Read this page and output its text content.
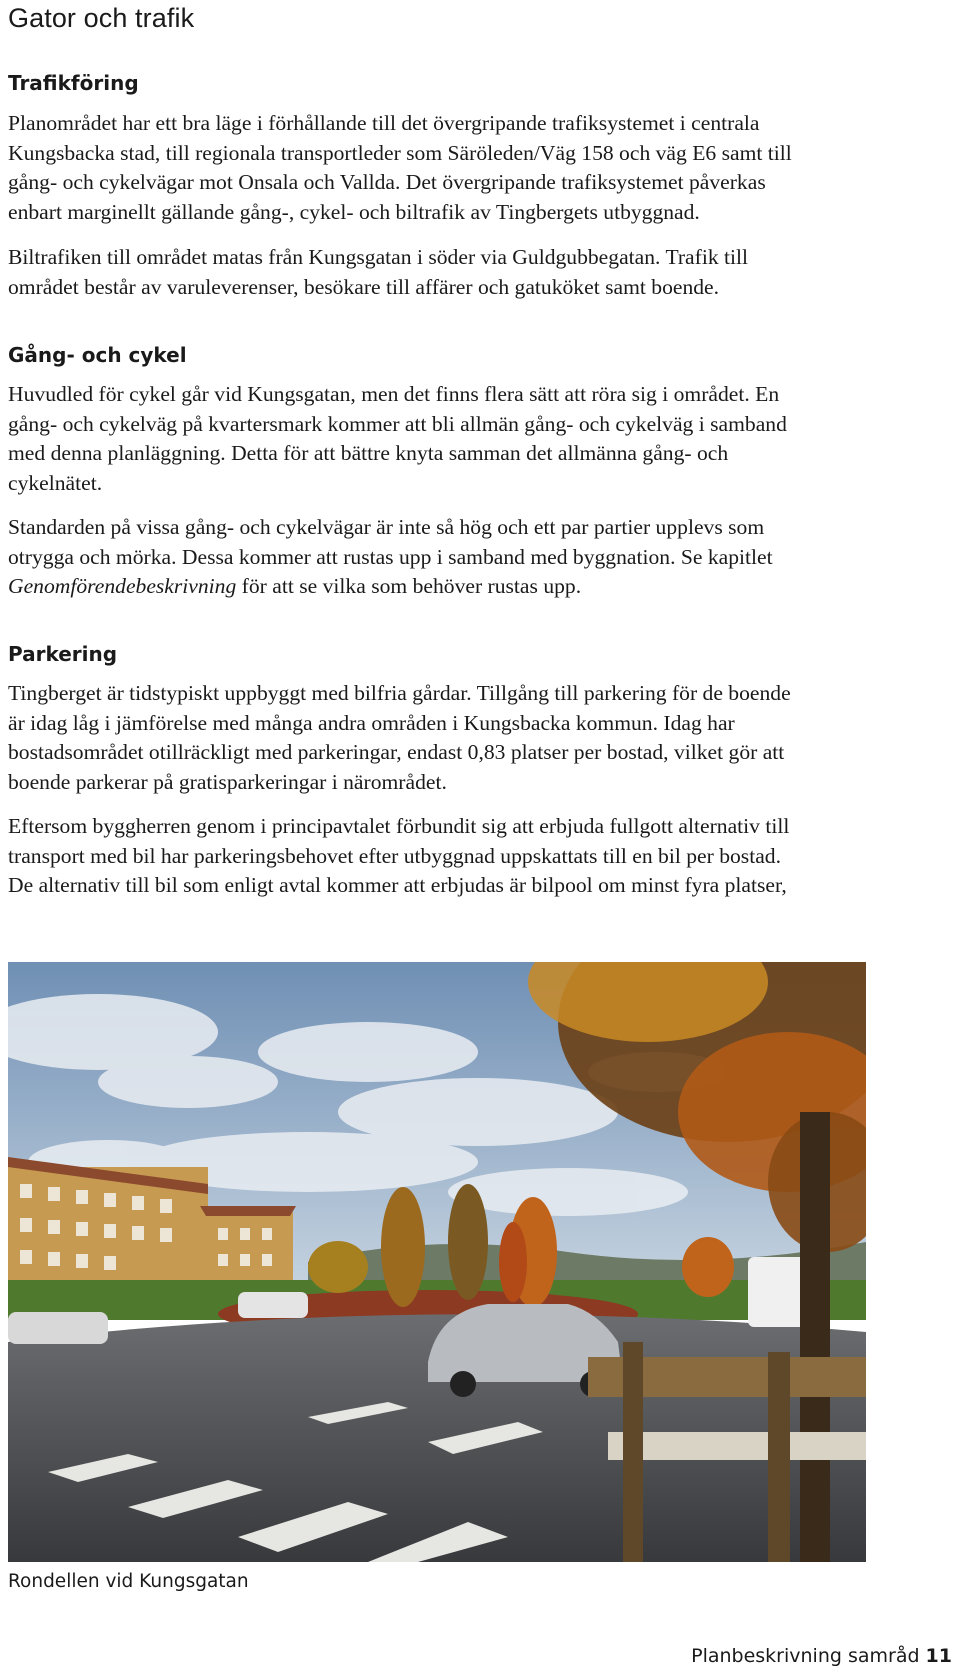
Gator och trafik
Trafikföring

Planområdet har ett bra läge i förhållande till det övergripande trafiksystemet i centrala
Kungsbacka stad, till regionala transportleder som Säröleden/Väg 158 och väg E6 samt till
gång- och cykelvägar mot Onsala och Vallda. Det övergripande trafiksystemet påverkas
enbart marginellt gällande gång-, cykel- och biltrafik av Tingbergets utbyggnad.

Biltrafiken till området matas från Kungsgatan i söder via Guldgubbegatan. Trafik till
området består av varuleverenser, besökare till affärer och gatuköket samt boende.

Gång- och cykel

Huvudled för cykel går vid Kungsgatan, men det finns flera sätt att röra sig i området. En
gång- och cykelväg på kvartersmark kommer att bli allmän gång- och cykelväg i samband
med denna planläggning. Detta för att bättre knyta samman det allmänna gång- och
cykelnätet.

Standarden på vissa gång- och cykelvägar är inte så hög och ett par partier upplevs som
otrygga och mörka. Dessa kommer att rustas upp i samband med byggnation. Se kapitlet
Genomförendebeskrivning för att se vilka som behöver rustas upp.

Parkering

Tingberget är tidstypiskt uppbyggt med bilfria gårdar. Tillgång till parkering för de boende
är idag låg i jämförelse med många andra områden i Kungsbacka kommun. Idag har
bostadsområdet otillräckligt med parkeringar, endast 0,83 platser per bostad, vilket gör att
boende parkerar på gratisparkeringar i närområdet.

Eftersom byggherren genom i principavtalet förbundit sig att erbjuda fullgott alternativ till
transport med bil har parkeringsbehovet efter utbyggnad uppskattats till en bil per bostad.
De alternativ till bil som enligt avtal kommer att erbjudas är bilpool om minst fyra platser,

Rondellen vid Kungsgatan

Planbeskrivning samråd 11
